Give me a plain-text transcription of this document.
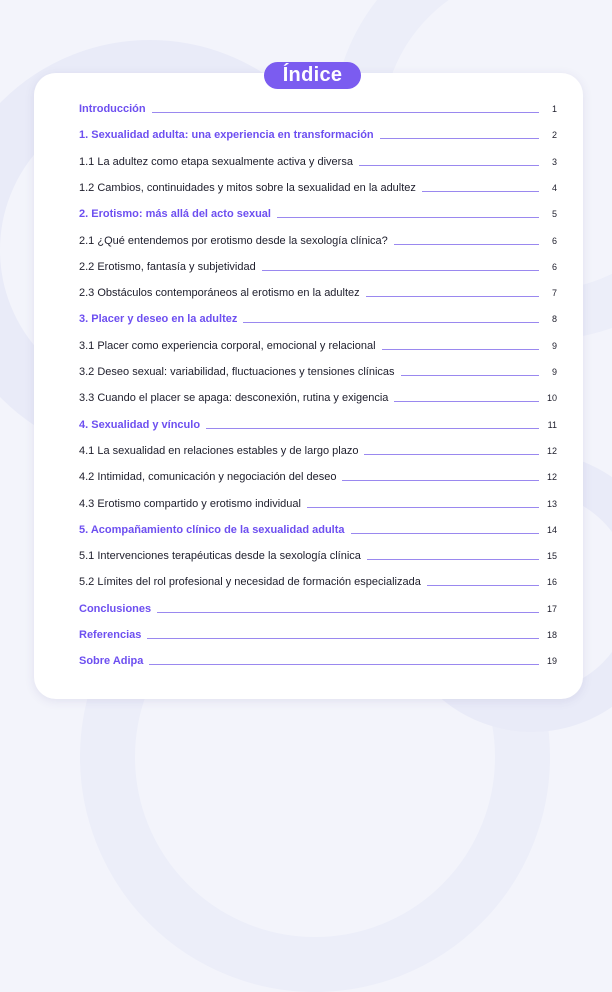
Índice
Introducción	1
1. Sexualidad adulta: una experiencia en transformación	2
1.1 La adultez como etapa sexualmente activa y diversa	3
1.2 Cambios, continuidades y mitos sobre la sexualidad en la adultez	4
2. Erotismo: más allá del acto sexual	5
2.1 ¿Qué entendemos por erotismo desde la sexología clínica?	6
2.2 Erotismo, fantasía y subjetividad	6
2.3 Obstáculos contemporáneos al erotismo en la adultez	7
3. Placer y deseo en la adultez	8
3.1 Placer como experiencia corporal, emocional y relacional	9
3.2 Deseo sexual: variabilidad, fluctuaciones y tensiones clínicas	9
3.3 Cuando el placer se apaga: desconexión, rutina y exigencia	10
4. Sexualidad y vínculo	11
4.1 La sexualidad en relaciones estables y de largo plazo	12
4.2 Intimidad, comunicación y negociación del deseo	12
4.3 Erotismo compartido y erotismo individual	13
5. Acompañamiento clínico de la sexualidad adulta	14
5.1 Intervenciones terapéuticas desde la sexología clínica	15
5.2 Límites del rol profesional y necesidad de formación especializada	16
Conclusiones	17
Referencias	18
Sobre Adipa	19
